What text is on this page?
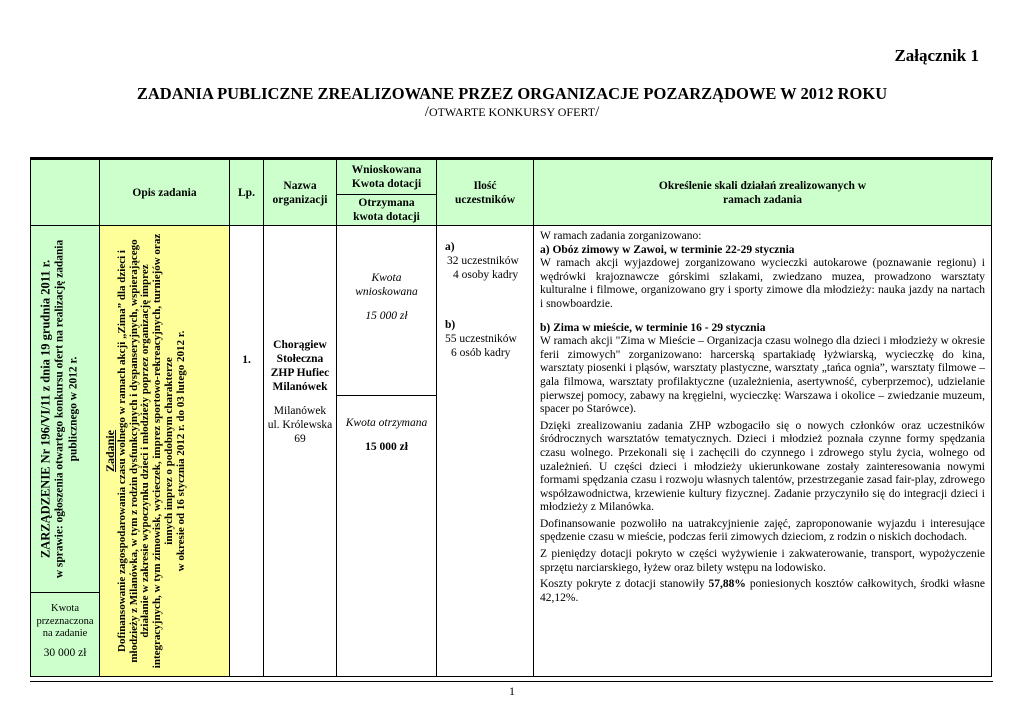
Załącznik 1
ZADANIA PUBLICZNE ZREALIZOWANE PRZEZ ORGANIZACJE POZARZĄDOWE W 2012 ROKU
/OTWARTE KONKURSY OFERT/
Opis zadania	Lp.
Nazwa organizacji
Wnioskowana Kwota dotacji
Otrzymana kwota dotacji
Ilość uczestników
Określenie skali działań zrealizowanych w ramach zadania
ZARZĄDZENIE Nr 196/VI/11 z dnia 19 grudnia 2011 r. w sprawie: ogłoszenia otwartego konkursu ofert na realizację zadania publicznego w 2012 r.
Kwota przeznaczona na zadanie
30 000 zł
Zadanie
Dofinansowanie zagospodarowania czasu wolnego w ramach akcji „Zima” dla dzieci i młodzieży z Milanówka, w tym z rodzin dysfunkcyjnych i dyspanseryjnych, wspierającego działanie w zakresie wypoczynku dzieci i młodzieży poprzez organizację imprez integracyjnych, w tym zimowisk, wycieczek, imprez sportowo-rekreacyjnych, turniejów oraz innych imprez o podobnym charakterze w okresie od 16 stycznia 2012 r. do 03 lutego 2012 r.	1.
Chorągiew Stołeczna ZHP Hufiec Milanówek
Milanówek ul. Królewska 69
Kwota wnioskowana
15 000 zł
Kwota otrzymana
15 000 zł
a)
32 uczestników
4 osoby kadry
b)
55 uczestników
6 osób kadry

W ramach zadania zorganizowano:

a) Obóz zimowy w Zawoi, w terminie 22-29 stycznia

W ramach akcji wyjazdowej zorganizowano wycieczki autokarowe (poznawanie regionu) i wędrówki krajoznawcze górskimi szlakami, zwiedzano muzea, prowadzono warsztaty kulturalne i filmowe, organizowano gry i sporty zimowe dla młodzieży: nauka jazdy na nartach i snowboardzie.

b) Zima w mieście, w terminie 16 - 29 stycznia

W ramach akcji "Zima w Mieście – Organizacja czasu wolnego dla dzieci i młodzieży w okresie ferii zimowych" zorganizowano: harcerską spartakiadę łyżwiarską, wycieczkę do kina, warsztaty piosenki i pląsów, warsztaty plastyczne, warsztaty „tańca ognia”, warsztaty filmowe – gala filmowa, warsztaty profilaktyczne (uzależnienia, asertywność, cyberprzemoc), udzielanie pierwszej pomocy, zabawy na kręgielni, wycieczkę: Warszawa i okolice – zwiedzanie muzeum, spacer po Starówce).

Dzięki zrealizowaniu zadania ZHP wzbogaciło się o nowych członków oraz uczestników śródrocznych warsztatów tematycznych. Dzieci i młodzież poznała czynne formy spędzania czasu wolnego. Przekonali się i zachęcili do czynnego i zdrowego stylu życia, wolnego od uzależnień. U części dzieci i młodzieży ukierunkowane zostały zainteresowania nowymi formami spędzania czasu i rozwoju własnych talentów, przestrzeganie zasad fair-play, zdrowego współzawodnictwa, krzewienie kultury fizycznej. Zadanie przyczyniło się do integracji dzieci i młodzieży z Milanówka.

Dofinansowanie pozwoliło na uatrakcyjnienie zajęć, zaproponowanie wyjazdu i interesujące spędzenie czasu w mieście, podczas ferii zimowych dzieciom, z rodzin o niskich dochodach.

Z pieniędzy dotacji pokryto w części wyżywienie i zakwaterowanie, transport, wypożyczenie sprzętu narciarskiego, łyżew oraz bilety wstępu na lodowisko.

Koszty pokryte z dotacji stanowiły 57,88% poniesionych kosztów całkowitych, środki własne 42,12%.

1
